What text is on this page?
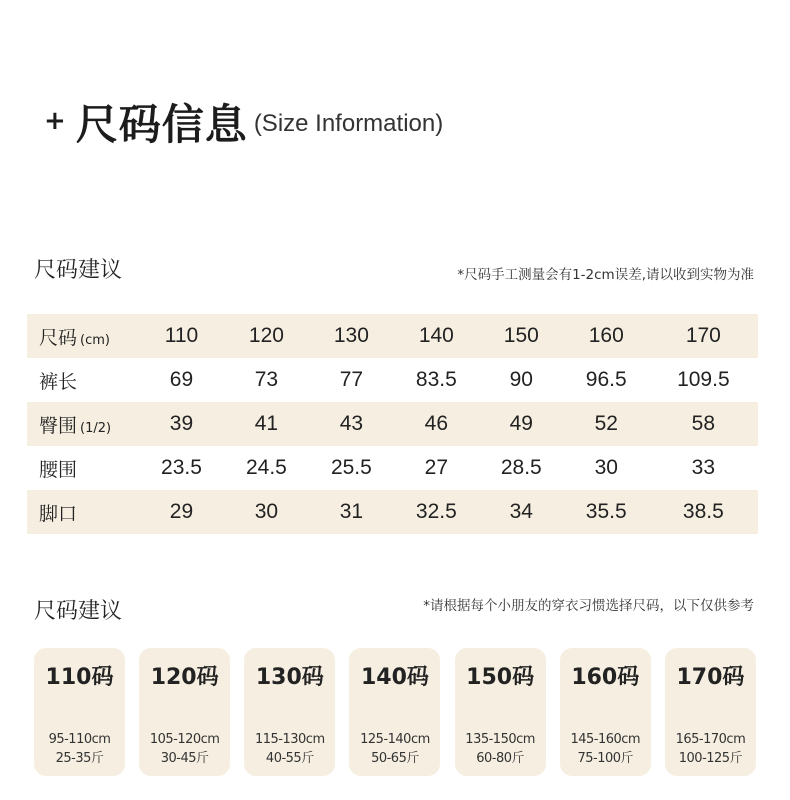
+ 尺码信息 (Size Information)
尺码建议	*尺码手工测量会有1-2cm误差,请以收到实物为准
尺码 (cm)	110	120	130	140	150	160	170
裤长	69	73	77	83.5	90	96.5	109.5
臀围 (1/2)	39	41	43	46	49	52	58
腰围	23.5	24.5	25.5	27	28.5	30	33
脚口	29	30	31	32.5	34	35.5	38.5
尺码建议	*请根据每个小朋友的穿衣习惯选择尺码，以下仅供参考
110码
95-110cm
25-35斤
120码
105-120cm
30-45斤
130码
115-130cm
40-55斤
140码
125-140cm
50-65斤
150码
135-150cm
60-80斤
160码
145-160cm
75-100斤
170码
165-170cm
100-125斤
